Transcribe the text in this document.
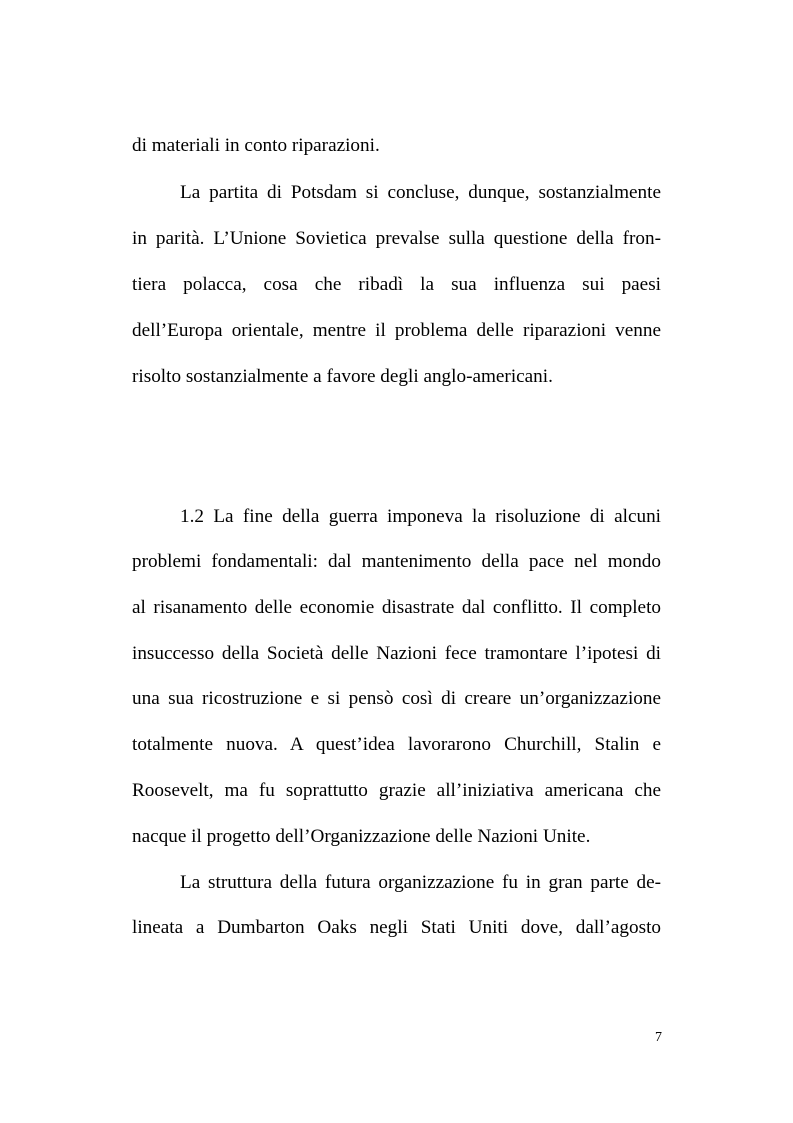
di materiali in conto riparazioni.
La partita di Potsdam si concluse, dunque, sostanzialmente
in parità. L’Unione Sovietica prevalse sulla questione della fron-
tiera polacca, cosa che ribadì la sua influenza sui paesi
dell’Europa orientale, mentre il problema delle riparazioni venne
risolto sostanzialmente a favore degli anglo-americani.
1.2 La fine della guerra imponeva la risoluzione di alcuni
problemi fondamentali: dal mantenimento della pace nel mondo
al risanamento delle economie disastrate dal conflitto. Il completo
insuccesso della Società delle Nazioni fece tramontare l’ipotesi di
una sua ricostruzione e si pensò così di creare un’organizzazione
totalmente nuova. A quest’idea lavorarono Churchill, Stalin e
Roosevelt, ma fu soprattutto grazie all’iniziativa americana che
nacque il progetto dell’Organizzazione delle Nazioni Unite.
La struttura della futura organizzazione fu in gran parte de-
lineata a Dumbarton Oaks negli Stati Uniti dove, dall’agosto
7
